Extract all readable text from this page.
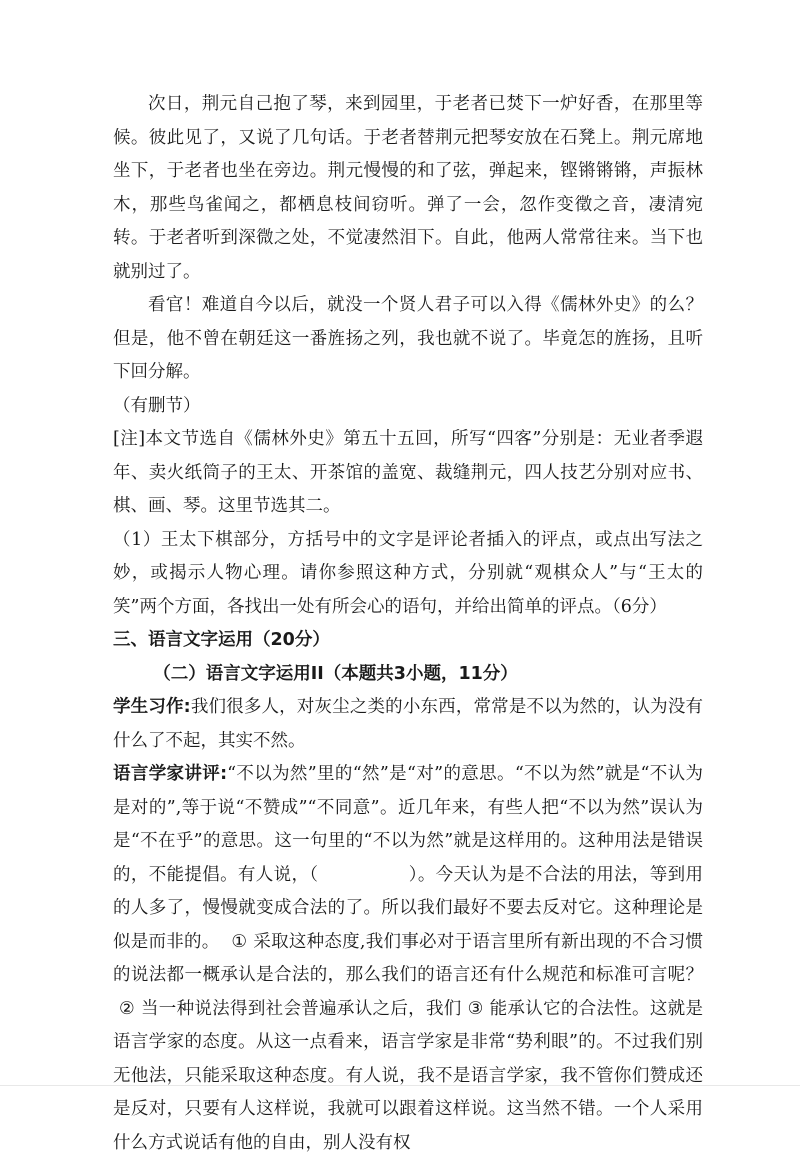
次日，荆元自己抱了琴，来到园里，于老者已焚下一炉好香，在那里等候。彼此见了，又说了几句话。于老者替荆元把琴安放在石凳上。荆元席地坐下，于老者也坐在旁边。荆元慢慢的和了弦，弹起来，铿锵锵锵，声振林木，那些鸟雀闻之，都栖息枝间窃听。弹了一会，忽作变徵之音，凄清宛转。于老者听到深微之处，不觉凄然泪下。自此，他两人常常往来。当下也就别过了。

看官！难道自今以后，就没一个贤人君子可以入得《儒林外史》的么？但是，他不曾在朝廷这一番旌扬之列，我也就不说了。毕竟怎的旌扬，且听下回分解。

（有删节）

[注]本文节选自《儒林外史》第五十五回，所写“四客”分别是：无业者季遐年、卖火纸筒子的王太、开茶馆的盖宽、裁缝荆元，四人技艺分别对应书、棋、画、琴。这里节选其二。

（1）王太下棋部分，方括号中的文字是评论者插入的评点，或点出写法之妙，或揭示人物心理。请你参照这种方式，分别就“观棋众人”与“王太的笑”两个方面，各找出一处有所会心的语句，并给出简单的评点。（6分）

三、语言文字运用（20分）

（二）语言文字运用II（本题共3小题，11分）

学生习作:我们很多人，对灰尘之类的小东西，常常是不以为然的，认为没有什么了不起，其实不然。

语言学家讲评:“不以为然”里的“然”是“对”的意思。“不以为然”就是“不认为是对的”,等于说“不赞成”“不同意”。近几年来，有些人把“不以为然”误认为是“不在乎”的意思。这一句里的“不以为然”就是这样用的。这种用法是错误的，不能提倡。有人说，（	）。今天认为是不合法的用法，等到用的人多了，慢慢就变成合法的了。所以我们最好不要去反对它。这种理论是似是而非的。 ① 采取这种态度,我们事必对于语言里所有新出现的不合习惯的说法都一概承认是合法的，那么我们的语言还有什么规范和标准可言呢？② 当一种说法得到社会普遍承认之后，我们 ③ 能承认它的合法性。这就是语言学家的态度。从这一点看来，语言学家是非常“势利眼”的。不过我们别无他法，只能采取这种态度。有人说，我不是语言学家，我不管你们赞成还是反对，只要有人这样说，我就可以跟着这样说。这当然不错。一个人采用什么方式说话有他的自由，别人没有权
